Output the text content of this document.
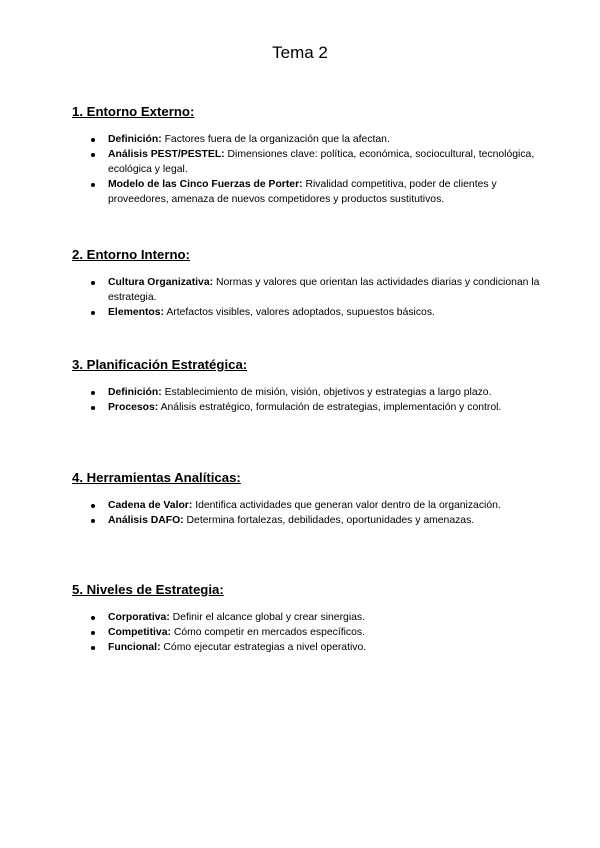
Tema 2
1. Entorno Externo:
Definición: Factores fuera de la organización que la afectan.
Análisis PEST/PESTEL: Dimensiones clave: política, económica, sociocultural, tecnológica, ecológica y legal.
Modelo de las Cinco Fuerzas de Porter: Rivalidad competitiva, poder de clientes y proveedores, amenaza de nuevos competidores y productos sustitutivos.
2. Entorno Interno:
Cultura Organizativa: Normas y valores que orientan las actividades diarias y condicionan la estrategia.
Elementos: Artefactos visibles, valores adoptados, supuestos básicos.
3. Planificación Estratégica:
Definición: Establecimiento de misión, visión, objetivos y estrategias a largo plazo.
Procesos: Análisis estratégico, formulación de estrategias, implementación y control.
4. Herramientas Analíticas:
Cadena de Valor: Identifica actividades que generan valor dentro de la organización.
Análisis DAFO: Determina fortalezas, debilidades, oportunidades y amenazas.
5. Niveles de Estrategia:
Corporativa: Definir el alcance global y crear sinergias.
Competitiva: Cómo competir en mercados específicos.
Funcional: Cómo ejecutar estrategias a nivel operativo.
